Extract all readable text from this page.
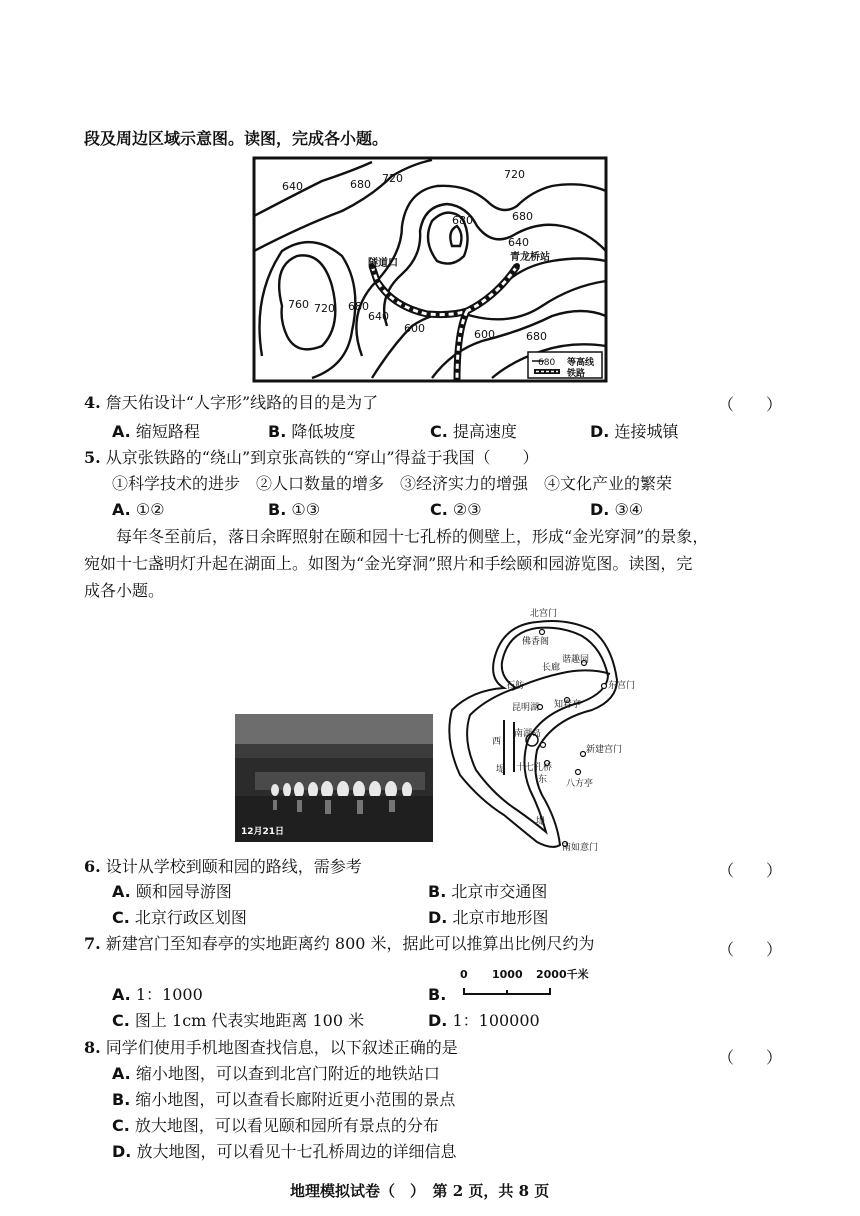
段及周边区域示意图。读图，完成各小题。
640	680 720	720
680	680
640
760 720 680
640
600	600	680
隧道口
青龙桥站
680 等高线
铁路
4. 詹天佑设计“人字形”线路的目的是为了	（　　）
A. 缩短路程	B. 降低坡度	C. 提高速度	D. 连接城镇
5. 从京张铁路的“绕山”到京张高铁的“穿山”得益于我国（　　）
①科学技术的进步　②人口数量的增多　③经济实力的增强　④文化产业的繁荣
A. ①②	B. ①③	C. ②③	D. ③④
每年冬至前后，落日余晖照射在颐和园十七孔桥的侧壁上，形成“金光穿洞”的景象，
宛如十七盏明灯升起在湖面上。如图为“金光穿洞”照片和手绘颐和园游览图。读图，完
成各小题。
12月21日
北宫门
佛香阁
谐趣园
长廊
石舫	东宫门
昆明湖 知春亭
西
南湖岛
新建宫门
堤 十七孔桥
东 八方亭
堤
南如意门
6. 设计从学校到颐和园的路线，需参考	（　　）
A. 颐和园导游图	B. 北京市交通图
C. 北京行政区划图	D. 北京市地形图
7. 新建宫门至知春亭的实地距离约 800 米，据此可以推算出比例尺约为	（　　）
A. 1：1000	B.
0 1000 2000千米
C. 图上 1cm 代表实地距离 100 米	D. 1：100000
8. 同学们使用手机地图查找信息，以下叙述正确的是
（　　）
A. 缩小地图，可以查到北宫门附近的地铁站口
B. 缩小地图，可以查看长廊附近更小范围的景点
C. 放大地图，可以看见颐和园所有景点的分布
D. 放大地图，可以看见十七孔桥周边的详细信息
地理模拟试卷（　）　第 2 页，共 8 页
